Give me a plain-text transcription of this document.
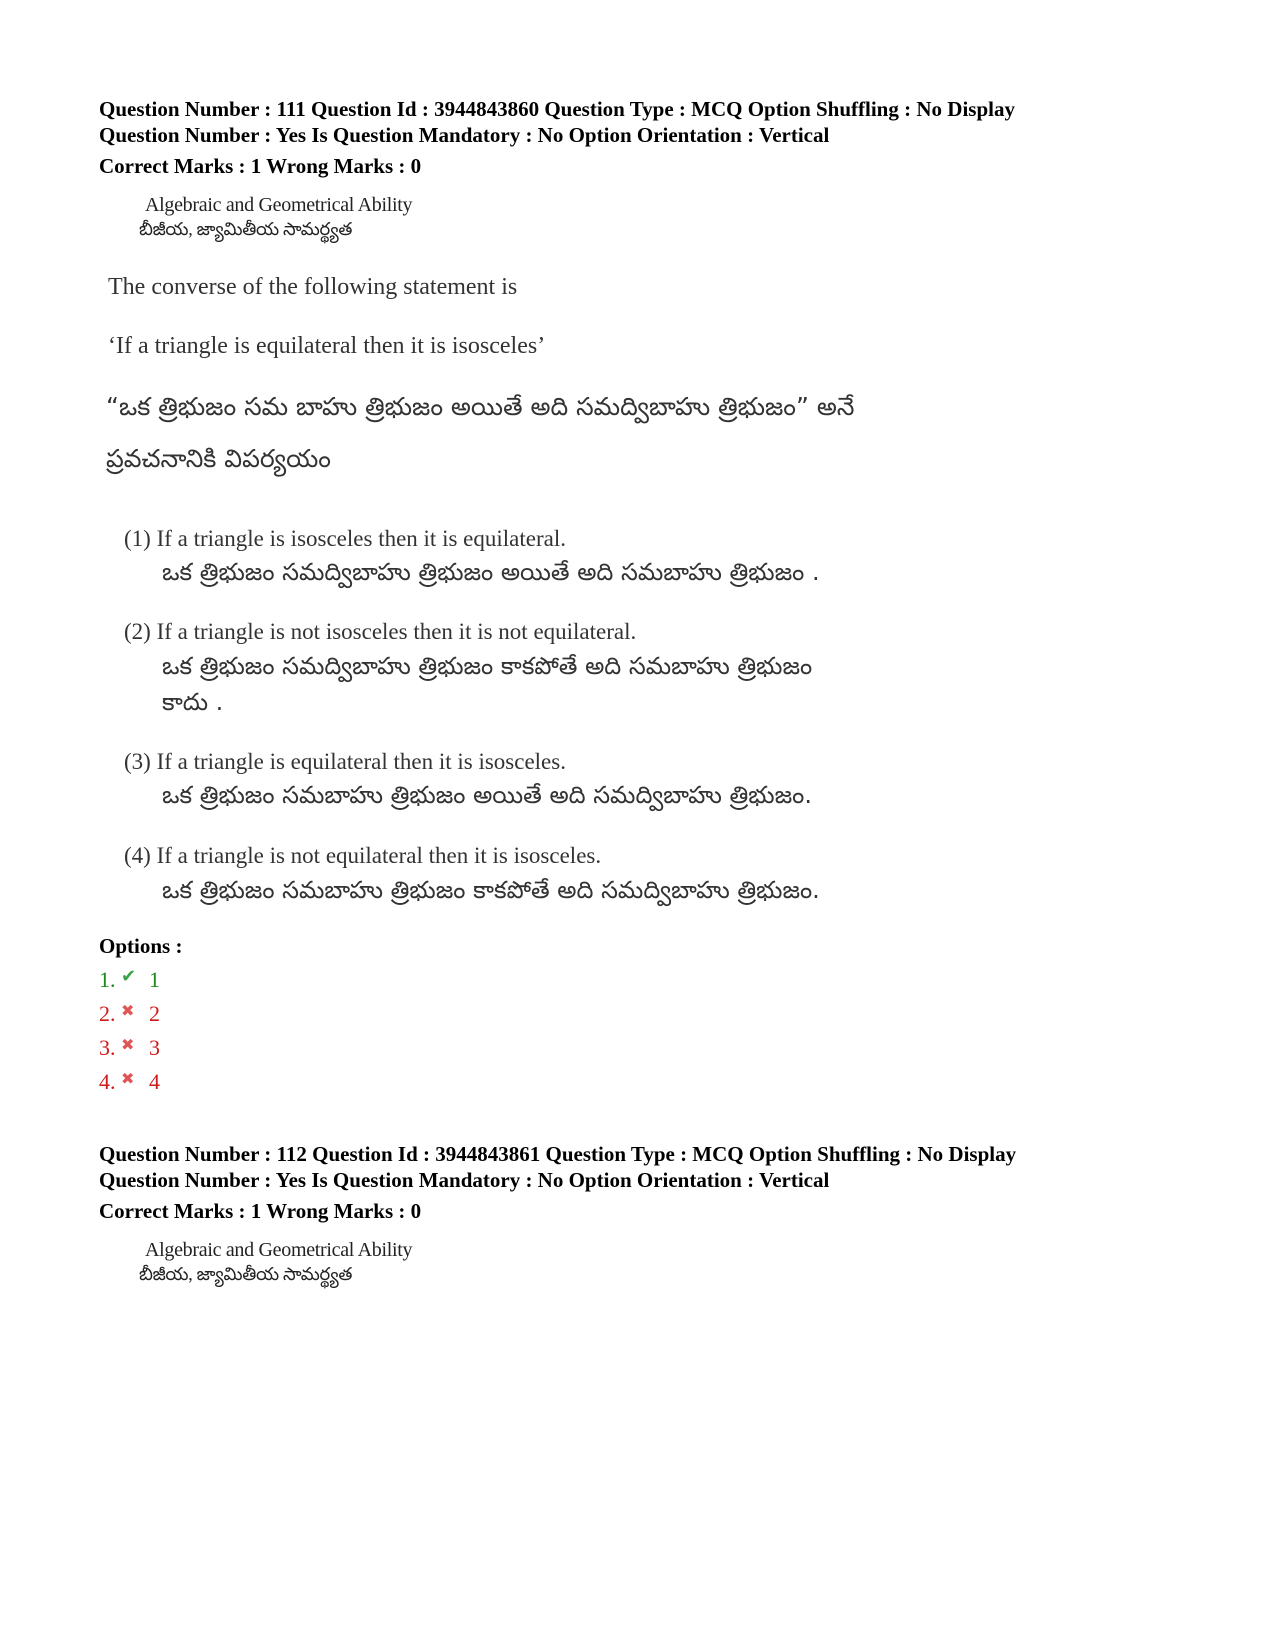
Question Number : 111 Question Id : 3944843860 Question Type : MCQ Option Shuffling : No Display
Question Number : Yes Is Question Mandatory : No Option Orientation : Vertical
Correct Marks : 1 Wrong Marks : 0
Algebraic and Geometrical Ability
బీజీయ, జ్యామితీయ సామర్థ్యత
The converse of the following statement is
‘If a triangle is equilateral then it is isosceles’
“ఒక త్రిభుజం సమ బాహు త్రిభుజం అయితే అది సమద్విబాహు త్రిభుజం” అనే
ప్రవచనానికి విపర్యయం
(1) If a triangle is isosceles then it is equilateral.
ఒక త్రిభుజం సమద్విబాహు త్రిభుజం అయితే అది సమబాహు త్రిభుజం .
(2) If a triangle is not isosceles then it is not equilateral.
ఒక త్రిభుజం సమద్విబాహు త్రిభుజం కాకపోతే అది సమబాహు త్రిభుజం
కాదు .
(3) If a triangle is equilateral then it is isosceles.
ఒక త్రిభుజం సమబాహు త్రిభుజం అయితే అది సమద్విబాహు త్రిభుజం.
(4) If a triangle is not equilateral then it is isosceles.
ఒక త్రిభుజం సమబాహు త్రిభుజం కాకపోతే అది సమద్విబాహు త్రిభుజం.
Options :
1. ✔ 1
2. ✖ 2
3. ✖ 3
4. ✖ 4
Question Number : 112 Question Id : 3944843861 Question Type : MCQ Option Shuffling : No Display
Question Number : Yes Is Question Mandatory : No Option Orientation : Vertical
Correct Marks : 1 Wrong Marks : 0
Algebraic and Geometrical Ability
బీజీయ, జ్యామితీయ సామర్థ్యత
